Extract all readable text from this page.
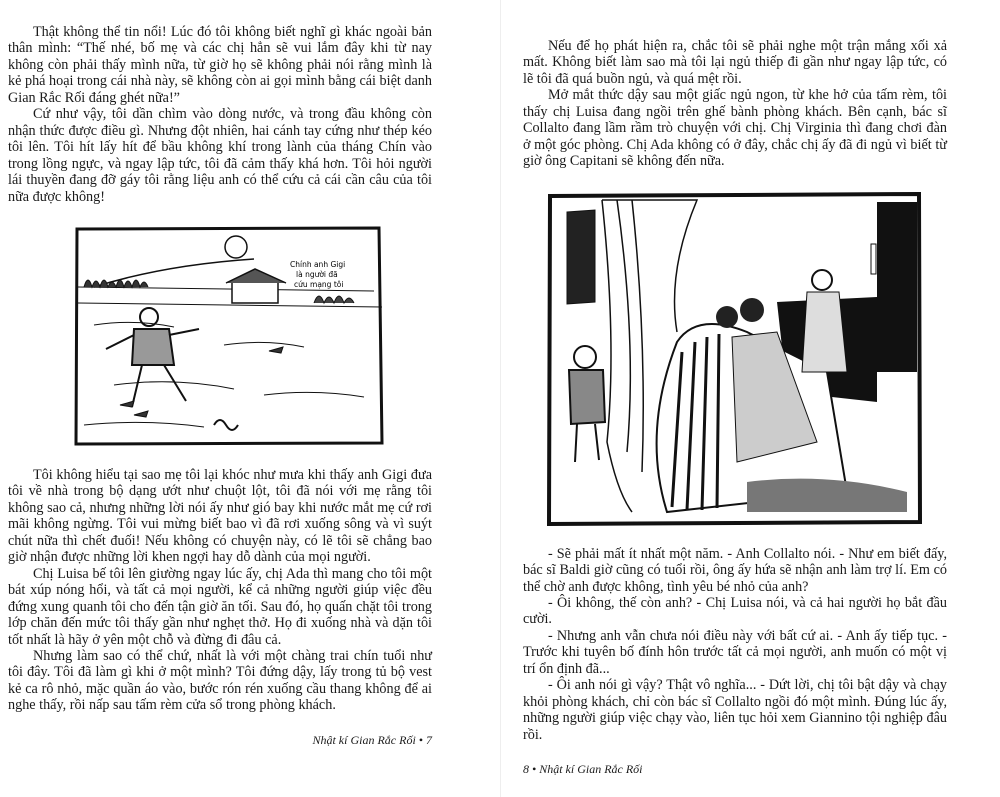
Thật không thể tin nổi! Lúc đó tôi không biết nghĩ gì khác ngoài bản thân mình: “Thế nhé, bố mẹ và các chị hẳn sẽ vui lắm đây khi từ nay không còn phải thấy mình nữa, từ giờ họ sẽ không phải nói rằng mình là kẻ phá hoại trong cái nhà này, sẽ không còn ai gọi mình bằng cái biệt danh Gian Rắc Rối đáng ghét nữa!”

Cứ như vậy, tôi dần chìm vào dòng nước, và trong đầu không còn nhận thức được điều gì. Nhưng đột nhiên, hai cánh tay cứng như thép kéo tôi lên. Tôi hít lấy hít để bầu không khí trong lành của tháng Chín vào trong lồng ngực, và ngay lập tức, tôi đã cảm thấy khá hơn. Tôi hỏi người lái thuyền đang đỡ gáy tôi rằng liệu anh có thể cứu cả cái cần câu của tôi nữa được không!

Chính anh Gigi là người đã cứu mạng tôi

Tôi không hiểu tại sao mẹ tôi lại khóc như mưa khi thấy anh Gigi đưa tôi về nhà trong bộ dạng ướt như chuột lột, tôi đã nói với mẹ rằng tôi không sao cả, nhưng những lời nói ấy như gió bay khi nước mắt mẹ cứ rơi mãi không ngừng. Tôi vui mừng biết bao vì đã rơi xuống sông và vì suýt chút nữa thì chết đuối! Nếu không có chuyện này, có lẽ tôi sẽ chẳng bao giờ nhận được những lời khen ngợi hay dỗ dành của mọi người.

Chị Luisa bế tôi lên giường ngay lúc ấy, chị Ada thì mang cho tôi một bát xúp nóng hổi, và tất cả mọi người, kể cả những người giúp việc đều đứng xung quanh tôi cho đến tận giờ ăn tối. Sau đó, họ quấn chặt tôi trong lớp chăn đến mức tôi thấy gần như nghẹt thở. Họ đi xuống nhà và dặn tôi tốt nhất là hãy ở yên một chỗ và đừng đi đâu cả.

Nhưng làm sao có thể chứ, nhất là với một chàng trai chín tuổi như tôi đây. Tôi đã làm gì khi ở một mình? Tôi đứng dậy, lấy trong tủ bộ vest kẻ ca rô nhỏ, mặc quần áo vào, bước rón rén xuống cầu thang không để ai nghe thấy, rồi nấp sau tấm rèm cửa sổ trong phòng khách.

Nhật kí Gian Rắc Rối • 7

Nếu để họ phát hiện ra, chắc tôi sẽ phải nghe một trận mắng xối xả mất. Không biết làm sao mà tôi lại ngủ thiếp đi gần như ngay lập tức, có lẽ tôi đã quá buồn ngủ, và quá mệt rồi.

Mở mắt thức dậy sau một giấc ngủ ngon, từ khe hở của tấm rèm, tôi thấy chị Luisa đang ngồi trên ghế bành phòng khách. Bên cạnh, bác sĩ Collalto đang lầm rầm trò chuyện với chị. Chị Virginia thì đang chơi đàn ở một góc phòng. Chị Ada không có ở đây, chắc chị ấy đã đi ngủ vì biết từ giờ ông Capitani sẽ không đến nữa.

- Sẽ phải mất ít nhất một năm. - Anh Collalto nói. - Như em biết đấy, bác sĩ Baldi giờ cũng có tuổi rồi, ông ấy hứa sẽ nhận anh làm trợ lí. Em có thể chờ anh được không, tình yêu bé nhỏ của anh?

- Ôi không, thế còn anh? - Chị Luisa nói, và cả hai người họ bắt đầu cười.

- Nhưng anh vẫn chưa nói điều này với bất cứ ai. - Anh ấy tiếp tục. - Trước khi tuyên bố đính hôn trước tất cả mọi người, anh muốn có một vị trí ổn định đã...

- Ôi anh nói gì vậy? Thật vô nghĩa... - Dứt lời, chị tôi bật dậy và chạy khỏi phòng khách, chỉ còn bác sĩ Collalto ngồi đó một mình. Đúng lúc ấy, những người giúp việc chạy vào, liên tục hỏi xem Giannino tội nghiệp đâu rồi.

8 • Nhật kí Gian Rắc Rối
